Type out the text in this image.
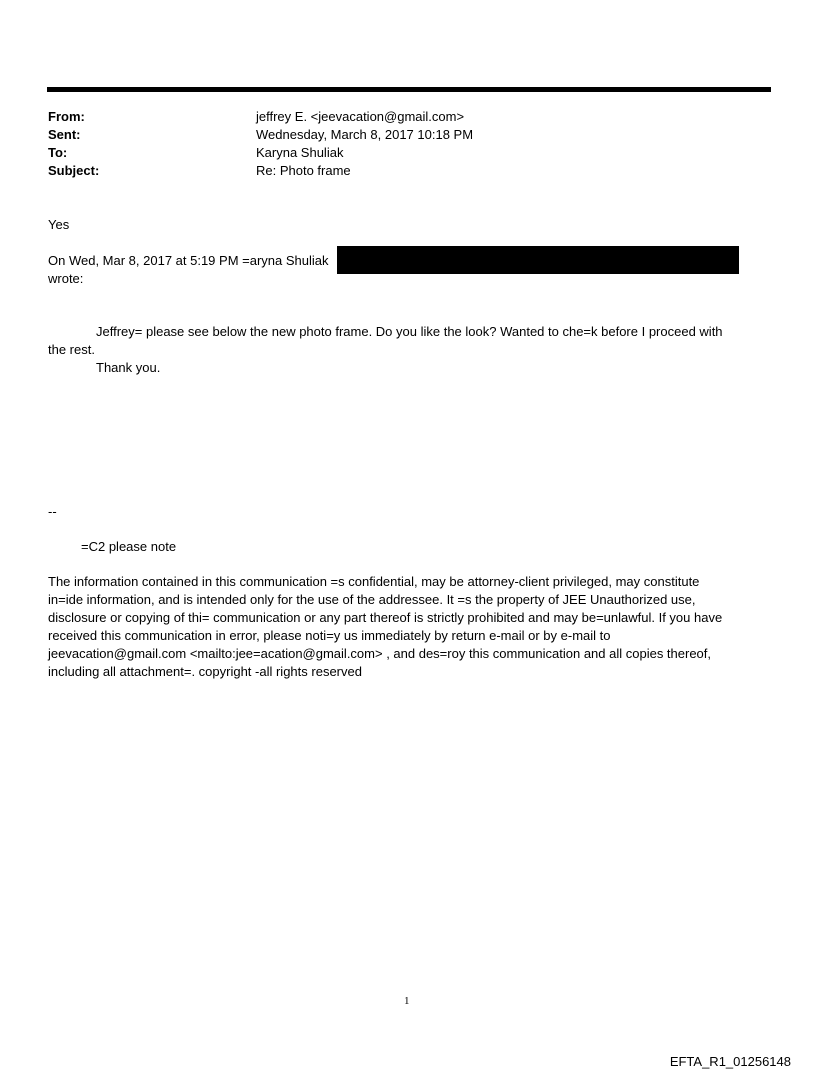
From:	jeffrey E. <jeevacation@gmail.com>
Sent:	Wednesday, March 8, 2017 10:18 PM
To:	Karyna Shuliak
Subject:	Re: Photo frame
Yes
On Wed, Mar 8, 2017 at 5:19 PM =aryna Shuliak
wrote:
Jeffrey= please see below the new photo frame. Do you like the look? Wanted to che=k before I proceed with
the rest.
Thank you.
--
=C2 please note
The information contained in this communication =s confidential, may be attorney-client privileged, may constitute
in=ide information, and is intended only for the use of the addressee. It =s the property of JEE Unauthorized use,
disclosure or copying of thi= communication or any part thereof is strictly prohibited and may be=unlawful. If you have
received this communication in error, please noti=y us immediately by return e-mail or by e-mail to
jeevacation@gmail.com <mailto:jee=acation@gmail.com> , and des=roy this communication and all copies thereof,
including all attachment=. copyright -all rights reserved
1
EFTA_R1_01256148
